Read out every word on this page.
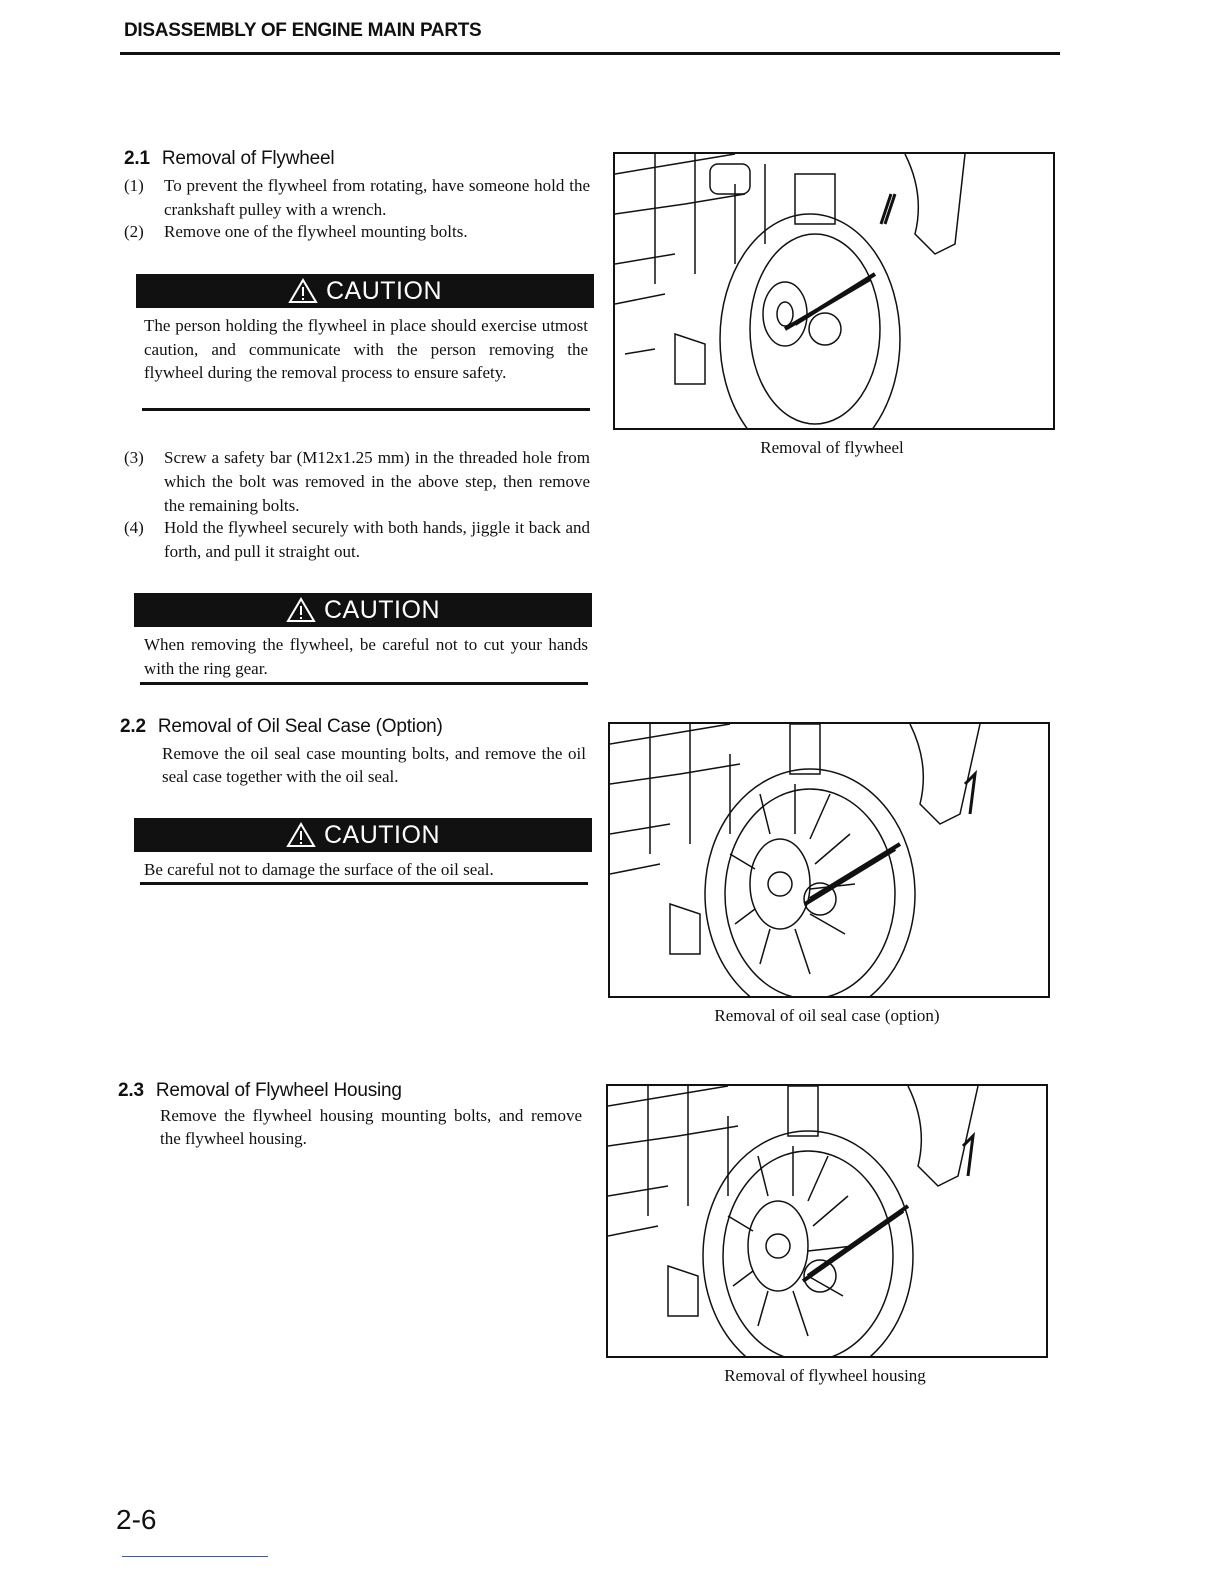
DISASSEMBLY OF ENGINE MAIN PARTS
2.1 Removal of Flywheel
(1) To prevent the flywheel from rotating, have someone hold the crankshaft pulley with a wrench.
(2) Remove one of the flywheel mounting bolts.
CAUTION
The person holding the flywheel in place should exercise utmost caution, and communicate with the person removing the flywheel during the removal process to ensure safety.
(3) Screw a safety bar (M12x1.25 mm) in the threaded hole from which the bolt was removed in the above step, then remove the remaining bolts.
(4) Hold the flywheel securely with both hands, jiggle it back and forth, and pull it straight out.
CAUTION
When removing the flywheel, be careful not to cut your hands with the ring gear.
Removal of flywheel
2.2 Removal of Oil Seal Case (Option)
Remove the oil seal case mounting bolts, and remove the oil seal case together with the oil seal.
CAUTION
Be careful not to damage the surface of the oil seal.
Removal of oil seal case (option)
2.3 Removal of Flywheel Housing
Remove the flywheel housing mounting bolts, and remove the flywheel housing.
Removal of flywheel housing
2-6
